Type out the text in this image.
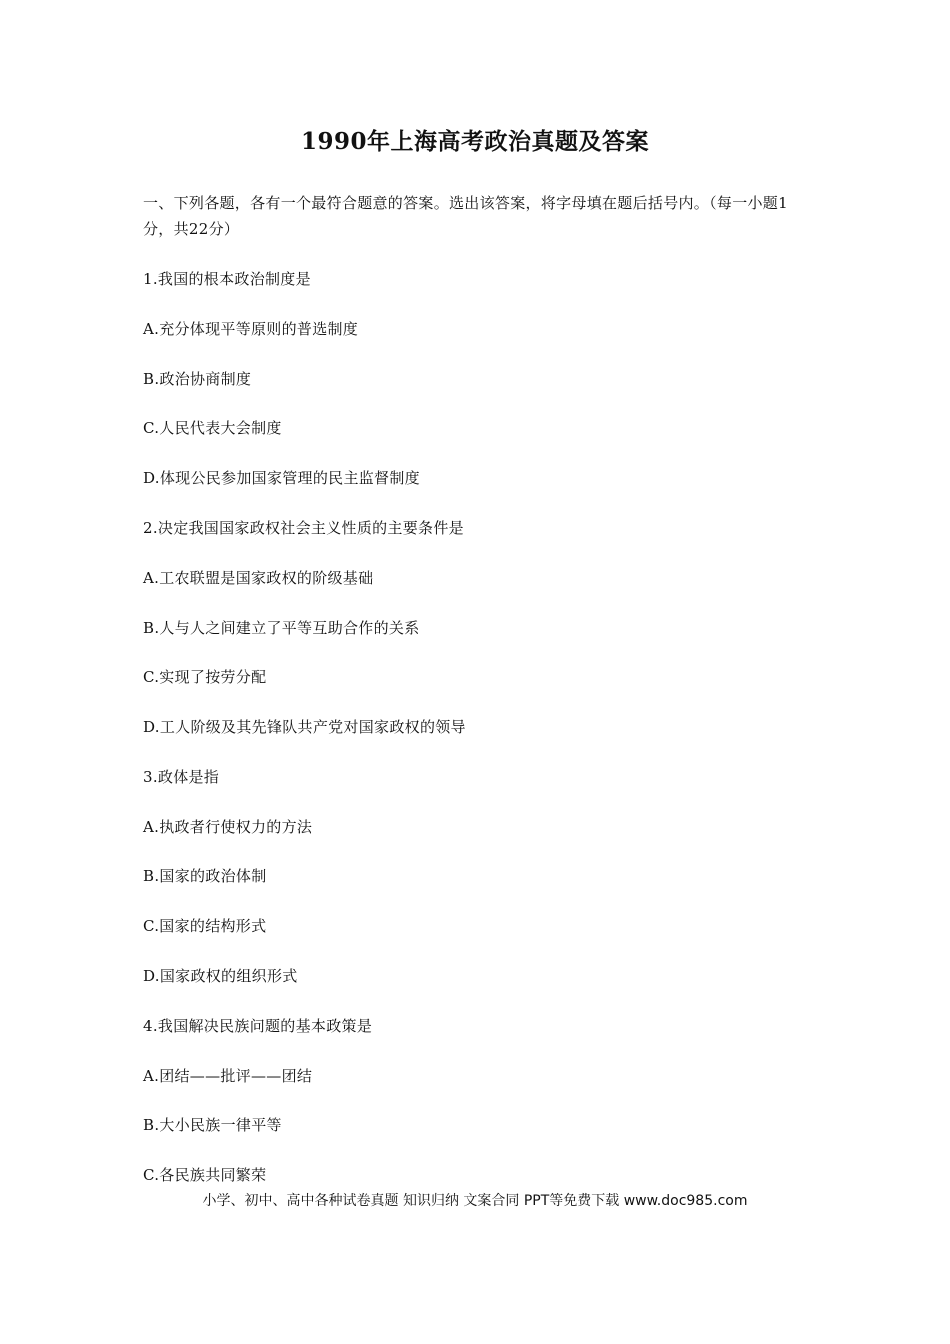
1990年上海高考政治真题及答案
一、下列各题，各有一个最符合题意的答案。选出该答案，将字母填在题后括号内。（每一小题1分，共22分）
1.我国的根本政治制度是
A.充分体现平等原则的普选制度
B.政治协商制度
C.人民代表大会制度
D.体现公民参加国家管理的民主监督制度
2.决定我国国家政权社会主义性质的主要条件是
A.工农联盟是国家政权的阶级基础
B.人与人之间建立了平等互助合作的关系
C.实现了按劳分配
D.工人阶级及其先锋队共产党对国家政权的领导
3.政体是指
A.执政者行使权力的方法
B.国家的政治体制
C.国家的结构形式
D.国家政权的组织形式
4.我国解决民族问题的基本政策是
A.团结——批评——团结
B.大小民族一律平等
C.各民族共同繁荣
小学、初中、高中各种试卷真题 知识归纳 文案合同 PPT等免费下载 www.doc985.com
